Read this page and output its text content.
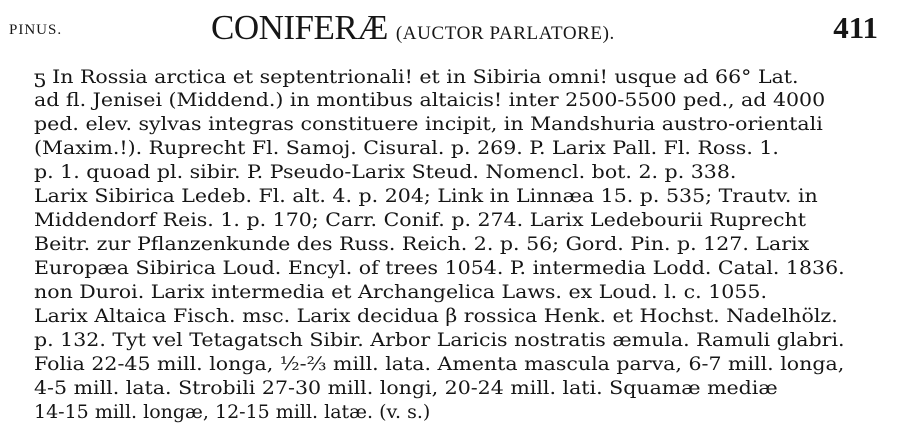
PINUS.	CONIFERÆ (AUCTOR PARLATORE).	411
ƽ In Rossia arctica et septentrionali! et in Sibiria omni! usque ad 66° Lat.
ad fl. Jenisei (Middend.) in montibus altaicis! inter 2500-5500 ped., ad 4000
ped. elev. sylvas integras constituere incipit, in Mandshuria austro-orientali
(Maxim.!). Ruprecht Fl. Samoj. Cisural. p. 269. P. Larix Pall. Fl. Ross. 1.
p. 1. quoad pl. sibir. P. Pseudo-Larix Steud. Nomencl. bot. 2. p. 338.
Larix Sibirica Ledeb. Fl. alt. 4. p. 204; Link in Linnæa 15. p. 535; Trautv. in
Middendorf Reis. 1. p. 170; Carr. Conif. p. 274. Larix Ledebourii Ruprecht
Beitr. zur Pflanzenkunde des Russ. Reich. 2. p. 56; Gord. Pin. p. 127. Larix
Europæa Sibirica Loud. Encyl. of trees 1054. P. intermedia Lodd. Catal. 1836.
non Duroi. Larix intermedia et Archangelica Laws. ex Loud. l. c. 1055.
Larix Altaica Fisch. msc. Larix decidua β rossica Henk. et Hochst. Nadelhölz.
p. 132. Tyt vel Tetagatsch Sibir. Arbor Laricis nostratis æmula. Ramuli glabri.
Folia 22-45 mill. longa, ½-⅔ mill. lata. Amenta mascula parva, 6-7 mill. longa,
4-5 mill. lata. Strobili 27-30 mill. longi, 20-24 mill. lati. Squamæ mediæ
14-15 mill. longæ, 12-15 mill. latæ. (v. s.)
